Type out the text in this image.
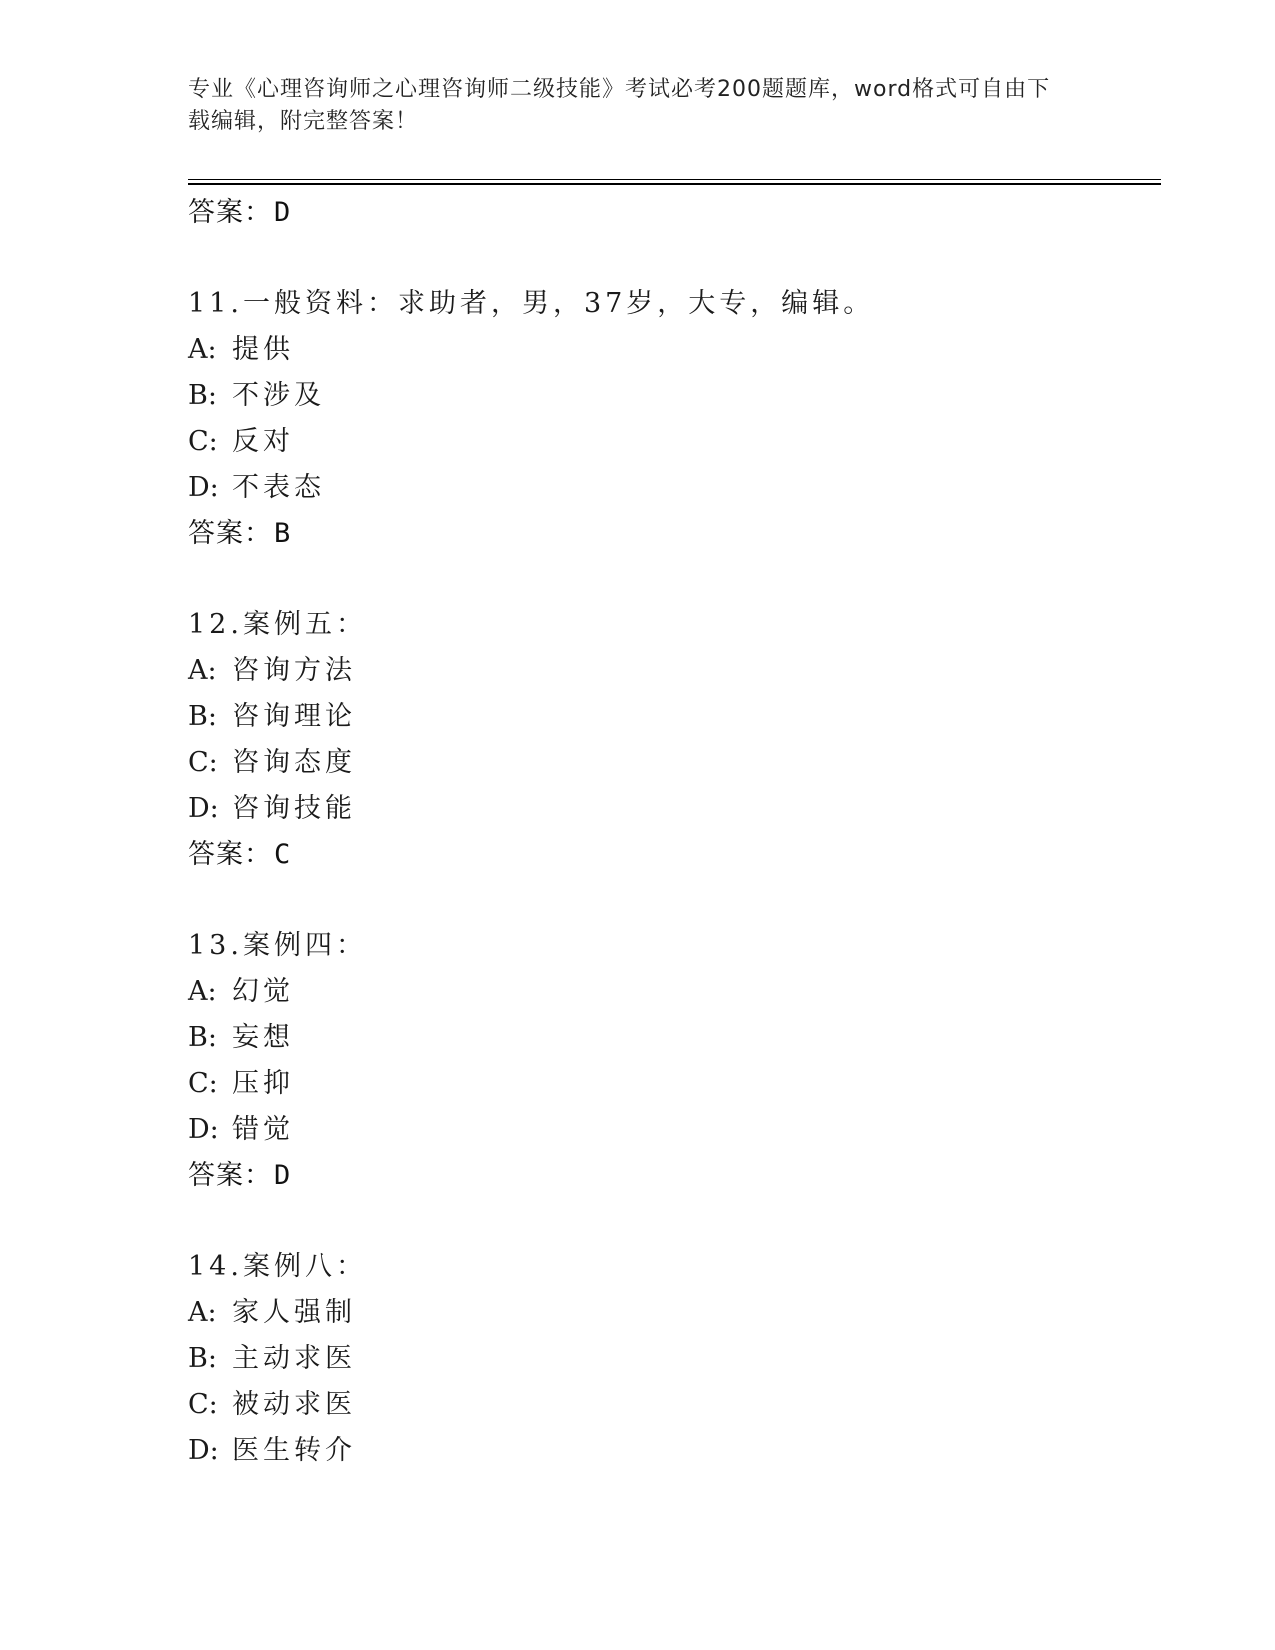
专业《心理咨询师之心理咨询师二级技能》考试必考200题题库，word格式可自由下载编辑，附完整答案！
答案：D
11.一般资料：求助者，男，37岁，大专，编辑。
A: 提供
B: 不涉及
C: 反对
D: 不表态
答案：B
12.案例五：
A: 咨询方法
B: 咨询理论
C: 咨询态度
D: 咨询技能
答案：C
13.案例四：
A: 幻觉
B: 妄想
C: 压抑
D: 错觉
答案：D
14.案例八：
A: 家人强制
B: 主动求医
C: 被动求医
D: 医生转介
